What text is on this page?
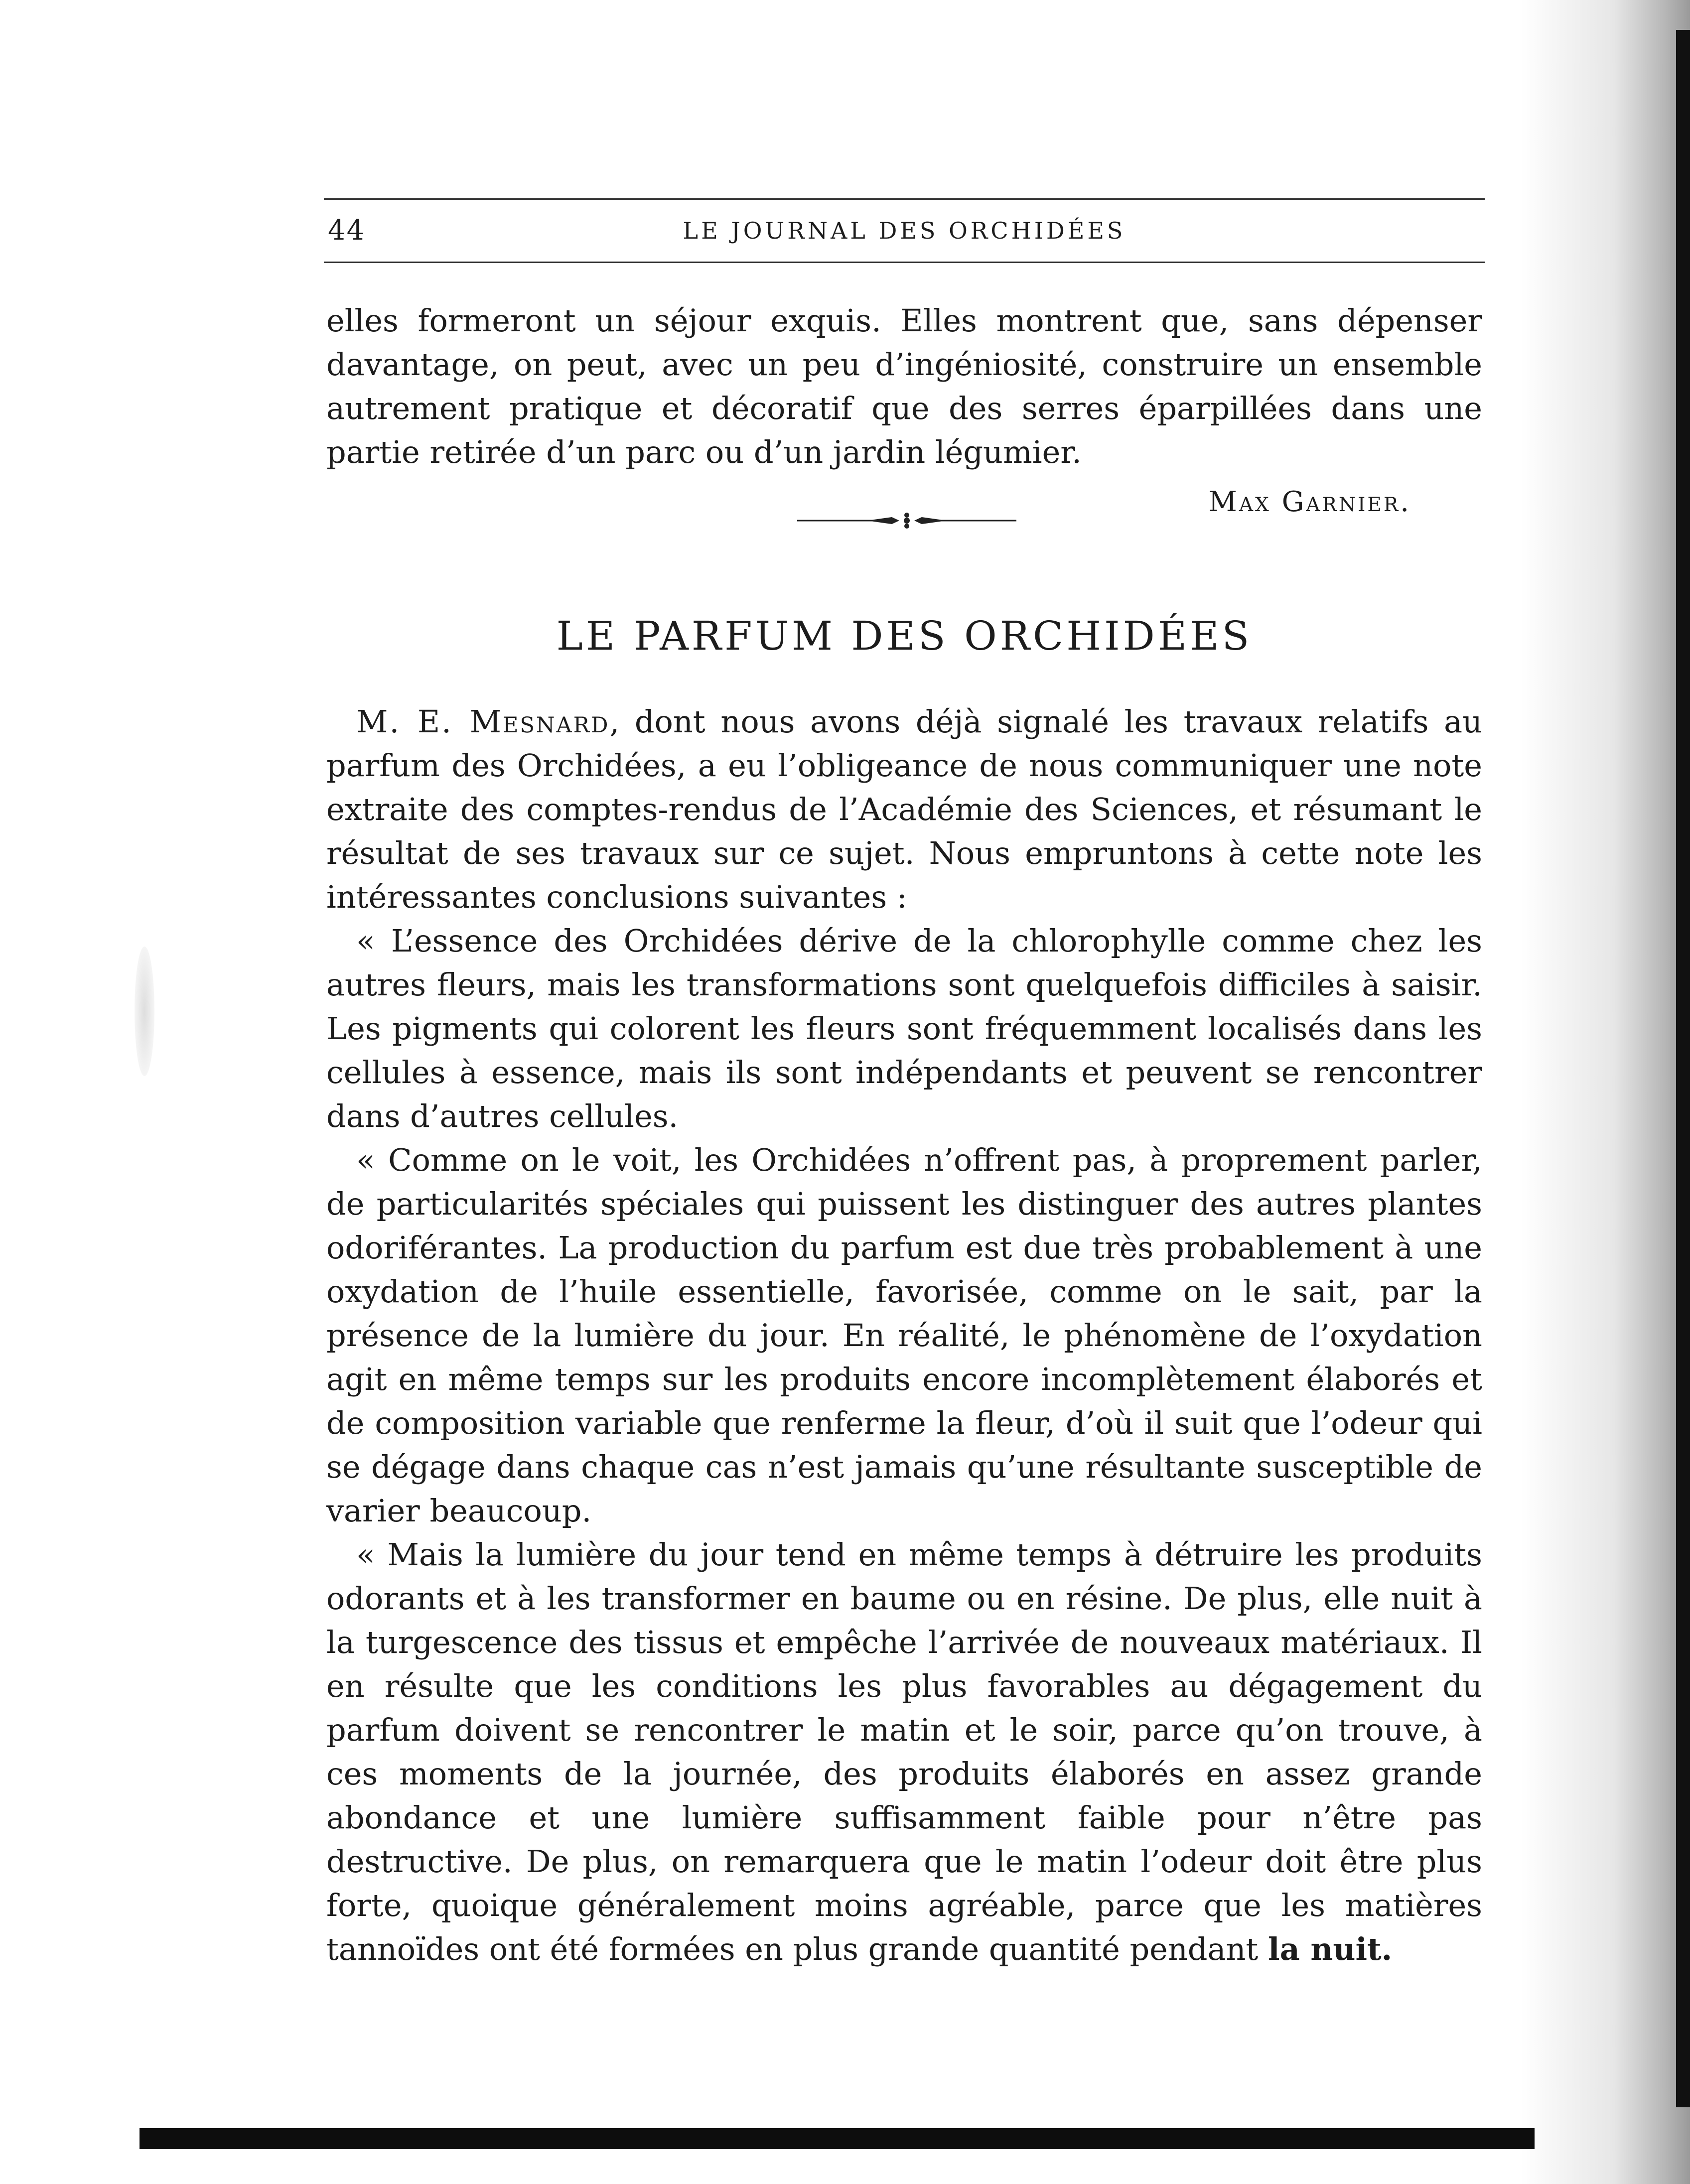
44	LE JOURNAL DES ORCHIDÉES

elles formeront un séjour exquis. Elles montrent que, sans dépenser davantage, on peut, avec un peu d’ingéniosité, construire un ensemble autrement pratique et décoratif que des serres éparpillées dans une partie retirée d’un parc ou d’un jardin légumier.

Max Garnier.
LE PARFUM DES ORCHIDÉES

M. E. Mesnard, dont nous avons déjà signalé les travaux relatifs au parfum des Orchidées, a eu l’obligeance de nous communiquer une note extraite des comptes-rendus de l’Académie des Sciences, et résumant le résultat de ses travaux sur ce sujet. Nous empruntons à cette note les intéressantes conclusions suivantes :

« L’essence des Orchidées dérive de la chlorophylle comme chez les autres fleurs, mais les transformations sont quelquefois difficiles à saisir. Les pigments qui colorent les fleurs sont fréquemment localisés dans les cellules à essence, mais ils sont indépendants et peuvent se rencontrer dans d’autres cellules.

« Comme on le voit, les Orchidées n’offrent pas, à proprement parler, de particularités spéciales qui puissent les distinguer des autres plantes odoriférantes. La production du parfum est due très probablement à une oxydation de l’huile essentielle, favorisée, comme on le sait, par la présence de la lumière du jour. En réalité, le phénomène de l’oxydation agit en même temps sur les produits encore incomplètement élaborés et de composition variable que renferme la fleur, d’où il suit que l’odeur qui se dégage dans chaque cas n’est jamais qu’une résultante susceptible de varier beaucoup.

« Mais la lumière du jour tend en même temps à détruire les produits odorants et à les transformer en baume ou en résine. De plus, elle nuit à la turgescence des tissus et empêche l’arrivée de nouveaux matériaux. Il en résulte que les conditions les plus favorables au dégagement du parfum doivent se rencontrer le matin et le soir, parce qu’on trouve, à ces moments de la journée, des produits élaborés en assez grande abondance et une lumière suffisamment faible pour n’être pas destructive. De plus, on remarquera que le matin l’odeur doit être plus forte, quoique généralement moins agréable, parce que les matières tannoïdes ont été formées en plus grande quantité pendant la nuit.
